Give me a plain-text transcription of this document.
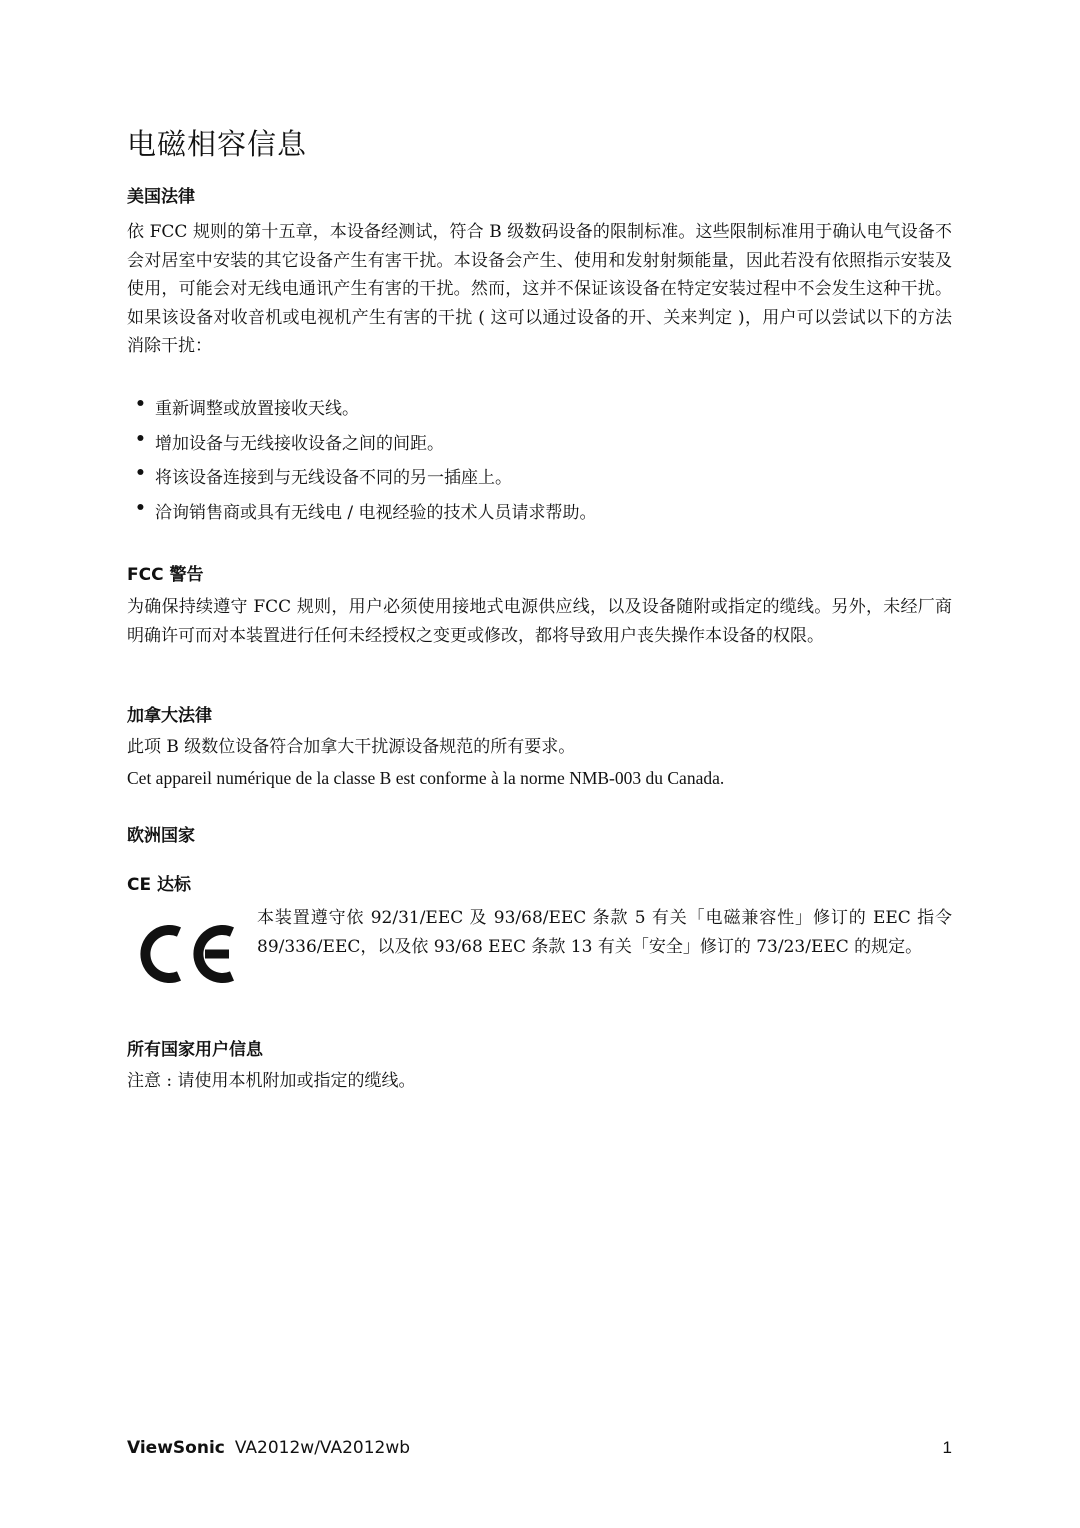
电磁相容信息
美国法律
依 FCC 规则的第十五章，本设备经测试，符合 B 级数码设备的限制标准。这些限制标准用于确认电气设备不会对居室中安装的其它设备产生有害干扰。本设备会产生、使用和发射射频能量，因此若没有依照指示安装及使用，可能会对无线电通讯产生有害的干扰。然而，这并不保证该设备在特定安装过程中不会发生这种干扰。如果该设备对收音机或电视机产生有害的干扰 ( 这可以通过设备的开、关来判定 )，用户可以尝试以下的方法消除干扰：
• 重新调整或放置接收天线。
• 增加设备与无线接收设备之间的间距。
• 将该设备连接到与无线设备不同的另一插座上。
• 洽询销售商或具有无线电 / 电视经验的技术人员请求帮助。
FCC 警告
为确保持续遵守 FCC 规则，用户必须使用接地式电源供应线，以及设备随附或指定的缆线。另外，未经厂商明确许可而对本装置进行任何未经授权之变更或修改，都将导致用户丧失操作本设备的权限。
加拿大法律
此项 B 级数位设备符合加拿大干扰源设备规范的所有要求。
Cet appareil numérique de la classe B est conforme à la norme NMB-003 du Canada.
欧洲国家
CE 达标
本装置遵守依 92/31/EEC 及 93/68/EEC 条款 5 有关「电磁兼容性」修订的 EEC 指令 89/336/EEC，以及依 93/68 EEC 条款 13 有关「安全」修订的 73/23/EEC 的规定。
所有国家用户信息
注意 : 请使用本机附加或指定的缆线。
ViewSonic VA2012w/VA2012wb	1
